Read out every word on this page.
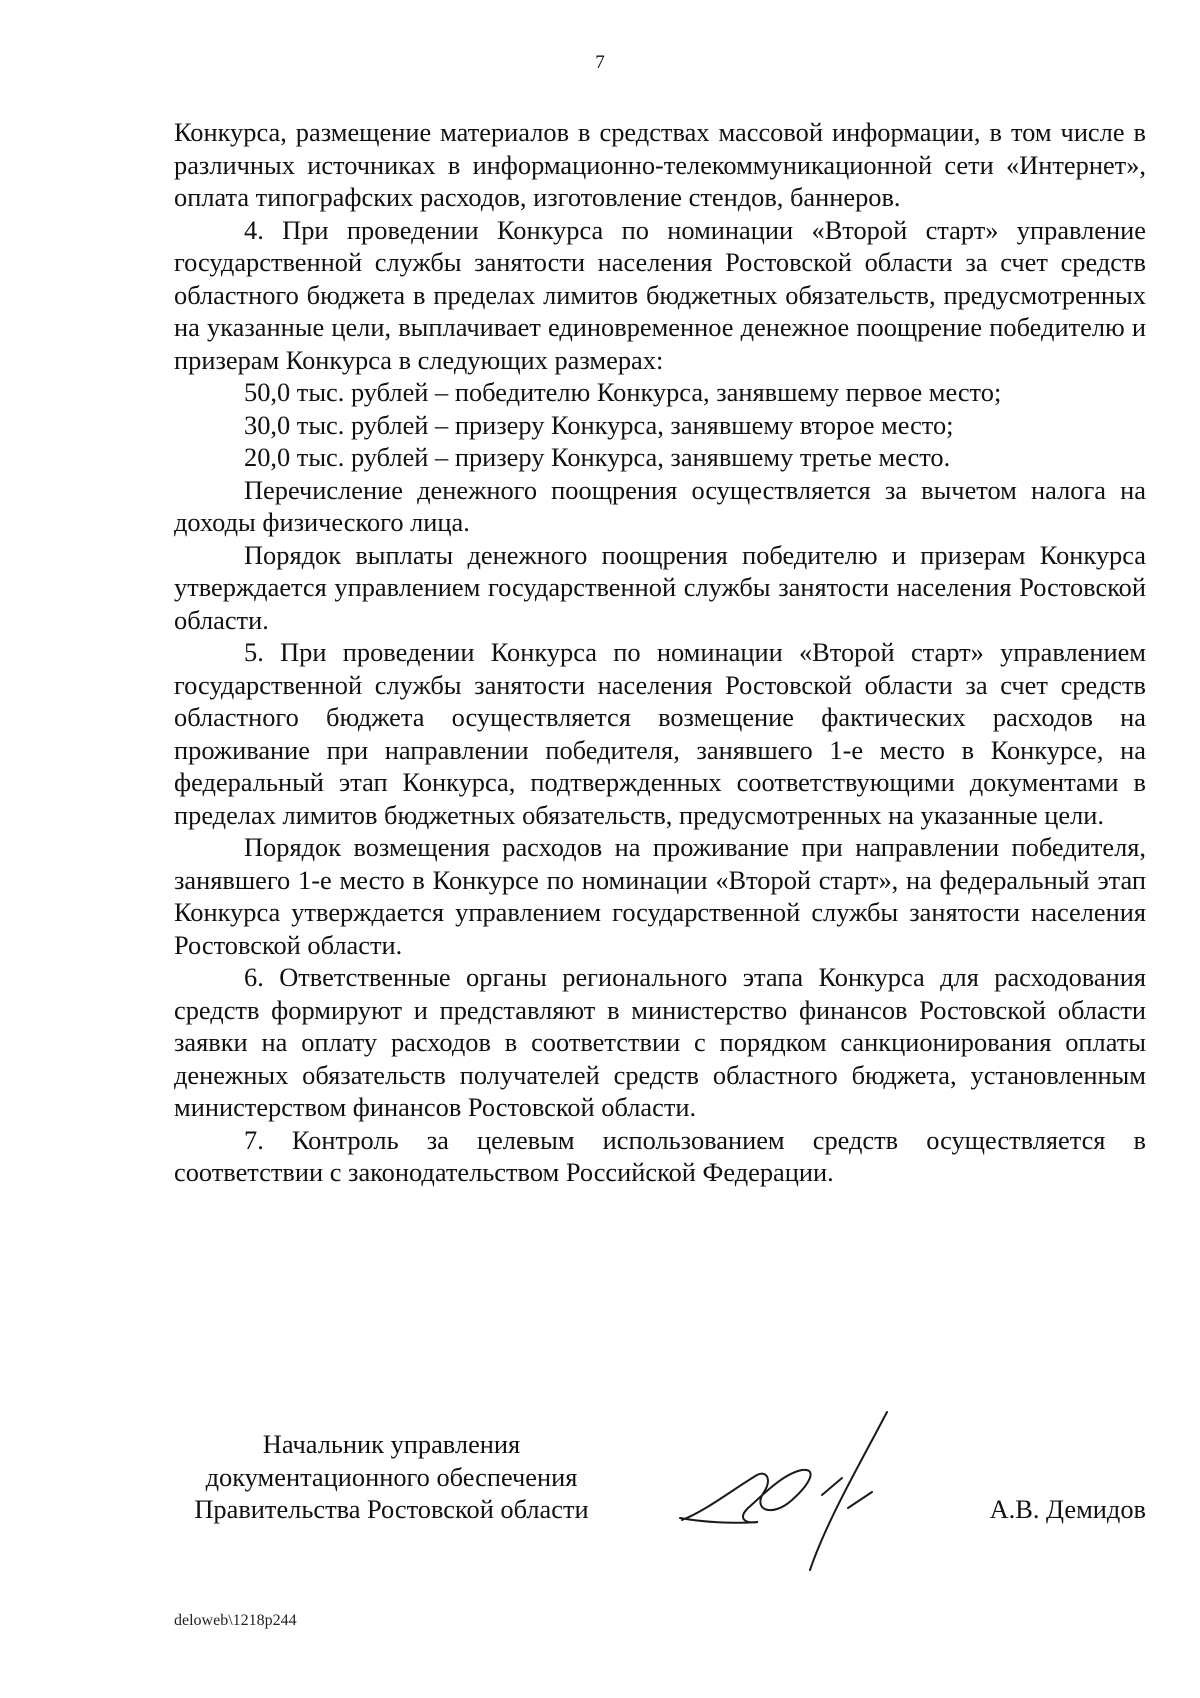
7

Конкурса, размещение материалов в средствах массовой информации, в том числе в различных источниках в информационно-телекоммуникационной сети «Интернет», оплата типографских расходов, изготовление стендов, баннеров.

4. При проведении Конкурса по номинации «Второй старт» управление государственной службы занятости населения Ростовской области за счет средств областного бюджета в пределах лимитов бюджетных обязательств, предусмотренных на указанные цели, выплачивает единовременное денежное поощрение победителю и призерам Конкурса в следующих размерах:

50,0 тыс. рублей – победителю Конкурса, занявшему первое место;

30,0 тыс. рублей – призеру Конкурса, занявшему второе место;

20,0 тыс. рублей – призеру Конкурса, занявшему третье место.

Перечисление денежного поощрения осуществляется за вычетом налога на доходы физического лица.

Порядок выплаты денежного поощрения победителю и призерам Конкурса утверждается управлением государственной службы занятости населения Ростовской области.

5. При проведении Конкурса по номинации «Второй старт» управлением государственной службы занятости населения Ростовской области за счет средств областного бюджета осуществляется возмещение фактических расходов на проживание при направлении победителя, занявшего 1-е место в Конкурсе, на федеральный этап Конкурса, подтвержденных соответствующими документами в пределах лимитов бюджетных обязательств, предусмотренных на указанные цели.

Порядок возмещения расходов на проживание при направлении победителя, занявшего 1-е место в Конкурсе по номинации «Второй старт», на федеральный этап Конкурса утверждается управлением государственной службы занятости населения Ростовской области.

6. Ответственные органы регионального этапа Конкурса для расходования средств формируют и представляют в министерство финансов Ростовской области заявки на оплату расходов в соответствии с порядком санкционирования оплаты денежных обязательств получателей средств областного бюджета, установленным министерством финансов Ростовской области.

7. Контроль за целевым использованием средств осуществляется в соответствии с законодательством Российской Федерации.

Начальник управления
документационного обеспечения
Правительства Ростовской области	А.В. Демидов
deloweb\1218p244
